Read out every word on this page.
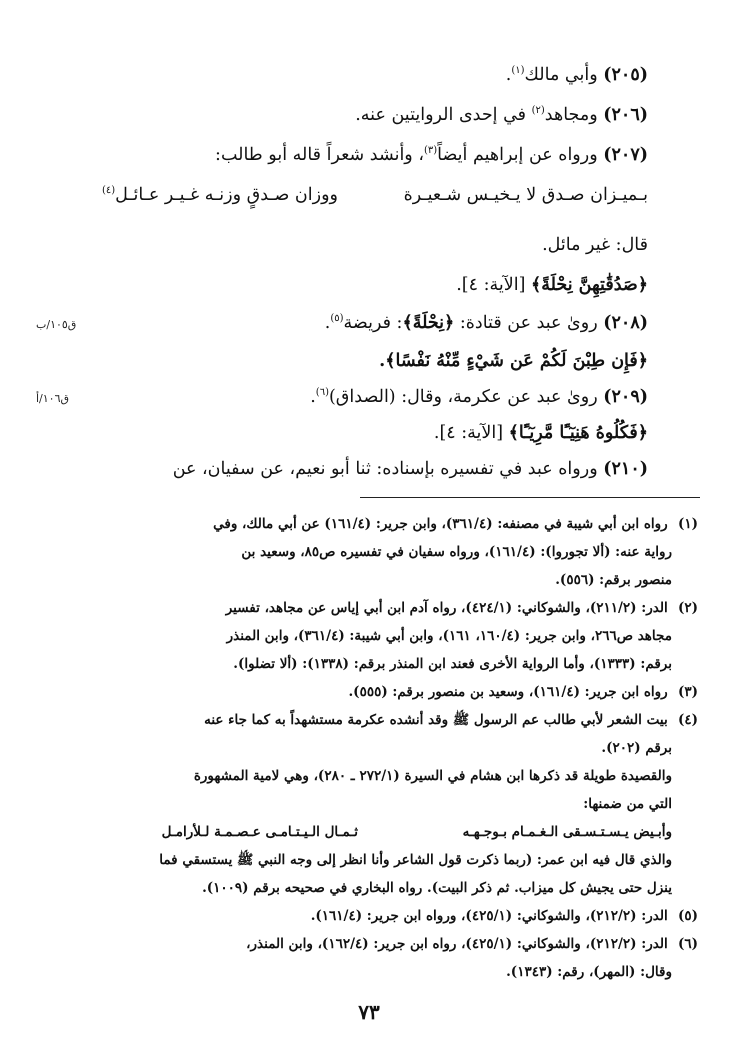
(٢٠٥) وأبي مالك$^{(١)}$.
(٢٠٦) ومجاهد$^{(٢)}$ في إحدى الروايتين عنه.
(٢٠٧) ورواه عن إبراهيم أيضاً$^{(٣)}$، وأنشد شعراً قاله أبو طالب:
بـميـزان صـدق لا يـخيـس شـعيـرة
ووزان صـدقٍ وزنـه غـيـر عـائـل$^{(٤)}$
قال: غير مائل.
﴿صَدُقَٰتِهِنَّ نِحْلَةً﴾ [الآية: ٤].
(٢٠٨) روىٰ عبد عن قتادة: ﴿نِحْلَةً﴾: فريضة$^{(٥)}$.
ق١٠٥/ب
﴿فَإِن طِبْنَ لَكُمْ عَن شَيْءٍ مِّنْهُ نَفْسًا﴾.
(٢٠٩) روىٰ عبد عن عكرمة، وقال: (الصداق)$^{(٦)}$.
ق١٠٦/أ
﴿فَكُلُوهُ هَنِيٓـًٔا مَّرِيٓـًٔا﴾ [الآية: ٤].
(٢١٠) ورواه عبد في تفسيره بإسناده: ثنا أبو نعيم، عن سفيان، عن
(١) رواه ابن أبي شيبة في مصنفه: (٣٦١/٤)، وابن جرير: (١٦١/٤) عن أبي مالك، وفي
رواية عنه: (ألا تجوروا): (١٦١/٤)، ورواه سفيان في تفسيره ص٨٥، وسعيد بن
منصور برقم: (٥٥٦).
(٢) الدر: (٢١١/٢)، والشوكاني: (٤٢٤/١)، رواه آدم ابن أبي إياس عن مجاهد، تفسير
مجاهد ص٢٦٦، وابن جرير: (١٦٠/٤، ١٦١)، وابن أبي شيبة: (٣٦١/٤)، وابن المنذر
برقم: (١٣٣٣)، وأما الرواية الأخرى فعند ابن المنذر برقم: (١٣٣٨): (ألا تضلوا).
(٣) رواه ابن جرير: (١٦١/٤)، وسعيد بن منصور برقم: (٥٥٥).
(٤) بيت الشعر لأبي طالب عم الرسول ﷺ وقد أنشده عكرمة مستشهداً به كما جاء عنه
برقم (٢٠٢).
والقصيدة طويلة قد ذكرها ابن هشام في السيرة (٢٧٢/١ ـ ٢٨٠)، وهي لامية المشهورة
التي من ضمنها:
وأبـيض يـسـتـسـقى الـغـمـام بـوجـهـه
ثـمـال الـيـتـامـى عـصـمـة لـلأرامـل
والذي قال فيه ابن عمر: (ربما ذكرت قول الشاعر وأنا انظر إلى وجه النبي ﷺ يستسقي فما
ينزل حتى يجيش كل ميزاب. ثم ذكر البيت). رواه البخاري في صحيحه برقم (١٠٠٩).
(٥) الدر: (٢١٢/٢)، والشوكاني: (٤٢٥/١)، ورواه ابن جرير: (١٦١/٤).
(٦) الدر: (٢١٢/٢)، والشوكاني: (٤٢٥/١)، رواه ابن جرير: (١٦٢/٤)، وابن المنذر،
وقال: (المهر)، رقم: (١٣٤٣).
٧٣
